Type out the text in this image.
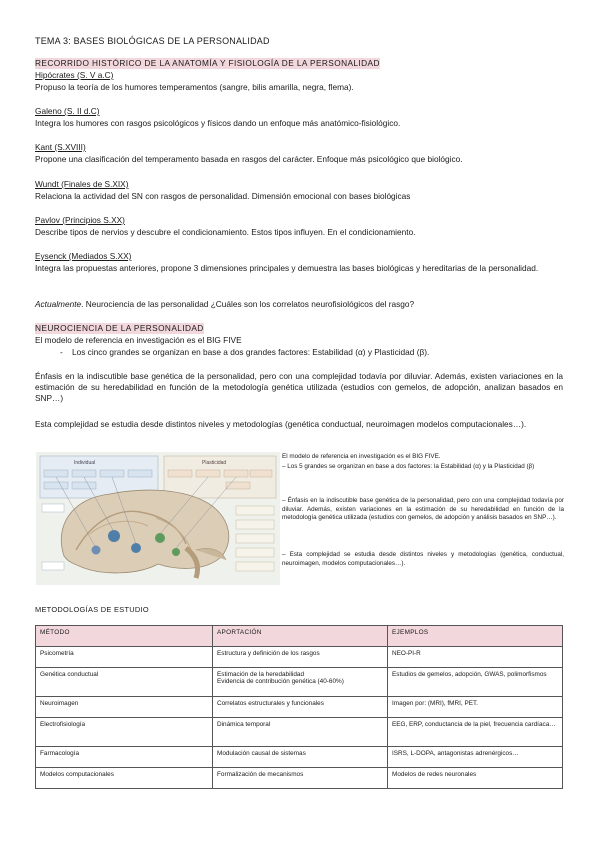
TEMA 3: BASES BIOLÓGICAS DE LA PERSONALIDAD
RECORRIDO HISTÓRICO DE LA ANATOMÍA Y FISIOLOGÍA DE LA PERSONALIDAD
Hipócrates (S. V a.C)
Propuso la teoría de los humores temperamentos (sangre, bilis amarilla, negra, flema).
Galeno (S. II d.C)
Integra los humores con rasgos psicológicos y físicos dando un enfoque más anatómico-fisiológico.
Kant (S.XVIII)
Propone una clasificación del temperamento basada en rasgos del carácter. Enfoque más psicológico que biológico.
Wundt (Finales de S.XIX)
Relaciona la actividad del SN con rasgos de personalidad. Dimensión emocional con bases biológicas
Pavlov (Principios S.XX)
Describe tipos de nervios y descubre el condicionamiento. Estos tipos influyen. En el condicionamiento.
Eysenck (Mediados S.XX)
Integra las propuestas anteriores, propone 3 dimensiones principales y demuestra las bases biológicas y hereditarias de la personalidad.
Actualmente. Neurociencia de las personalidad ¿Cuáles son los correlatos neurofisiológicos del rasgo?
NEUROCIENCIA DE LA PERSONALIDAD
El modelo de referencia en investigación es el BIG FIVE
- Los cinco grandes se organizan en base a dos grandes factores: Estabilidad (α) y Plasticidad (β).
Énfasis en la indiscutible base genética de la personalidad, pero con una complejidad todavía por diluviar. Además, existen variaciones en la estimación de su heredabilidad en función de la metodología genética utilizada (estudios con gemelos, de adopción, analizan basados en SNP…)
Esta complejidad se estudia desde distintos niveles y metodologías (genética conductual, neuroimagen modelos computacionales…).
Individual	Plasticidad
El modelo de referencia en investigación es el BIG FIVE.
– Los 5 grandes se organizan en base a dos factores: la Estabilidad (α) y la Plasticidad (β)
– Énfasis en la indiscutible base genética de la personalidad, pero con una complejidad todavía por diluviar. Además, existen variaciones en la estimación de su heredabilidad en función de la metodología genética utilizada (estudios con gemelos, de adopción y análisis basados en SNP…).
– Esta complejidad se estudia desde distintos niveles y metodologías (genética, conductual, neuroimagen, modelos computacionales…).
METODOLOGÍAS DE ESTUDIO
MÉTODO	APORTACIÓN	EJEMPLOS
Psicometría	Estructura y definición de los rasgos	NEO-PI-R
Genética conductual	Estimación de la heredabilidad
Evidencia de contribución genética (40-60%)	Estudios de gemelos, adopción, GWAS, polimorfismos
Neuroimagen	Correlatos estructurales y funcionales	Imagen por: (MRI), fMRI, PET.
Electrofisiología	Dinámica temporal	EEG, ERP, conductancia de la piel, frecuencia cardíaca…
Farmacología	Modulación causal de sistemas	ISRS, L-DOPA, antagonistas adrenérgicos…
Modelos computacionales	Formalización de mecanismos	Modelos de redes neuronales
